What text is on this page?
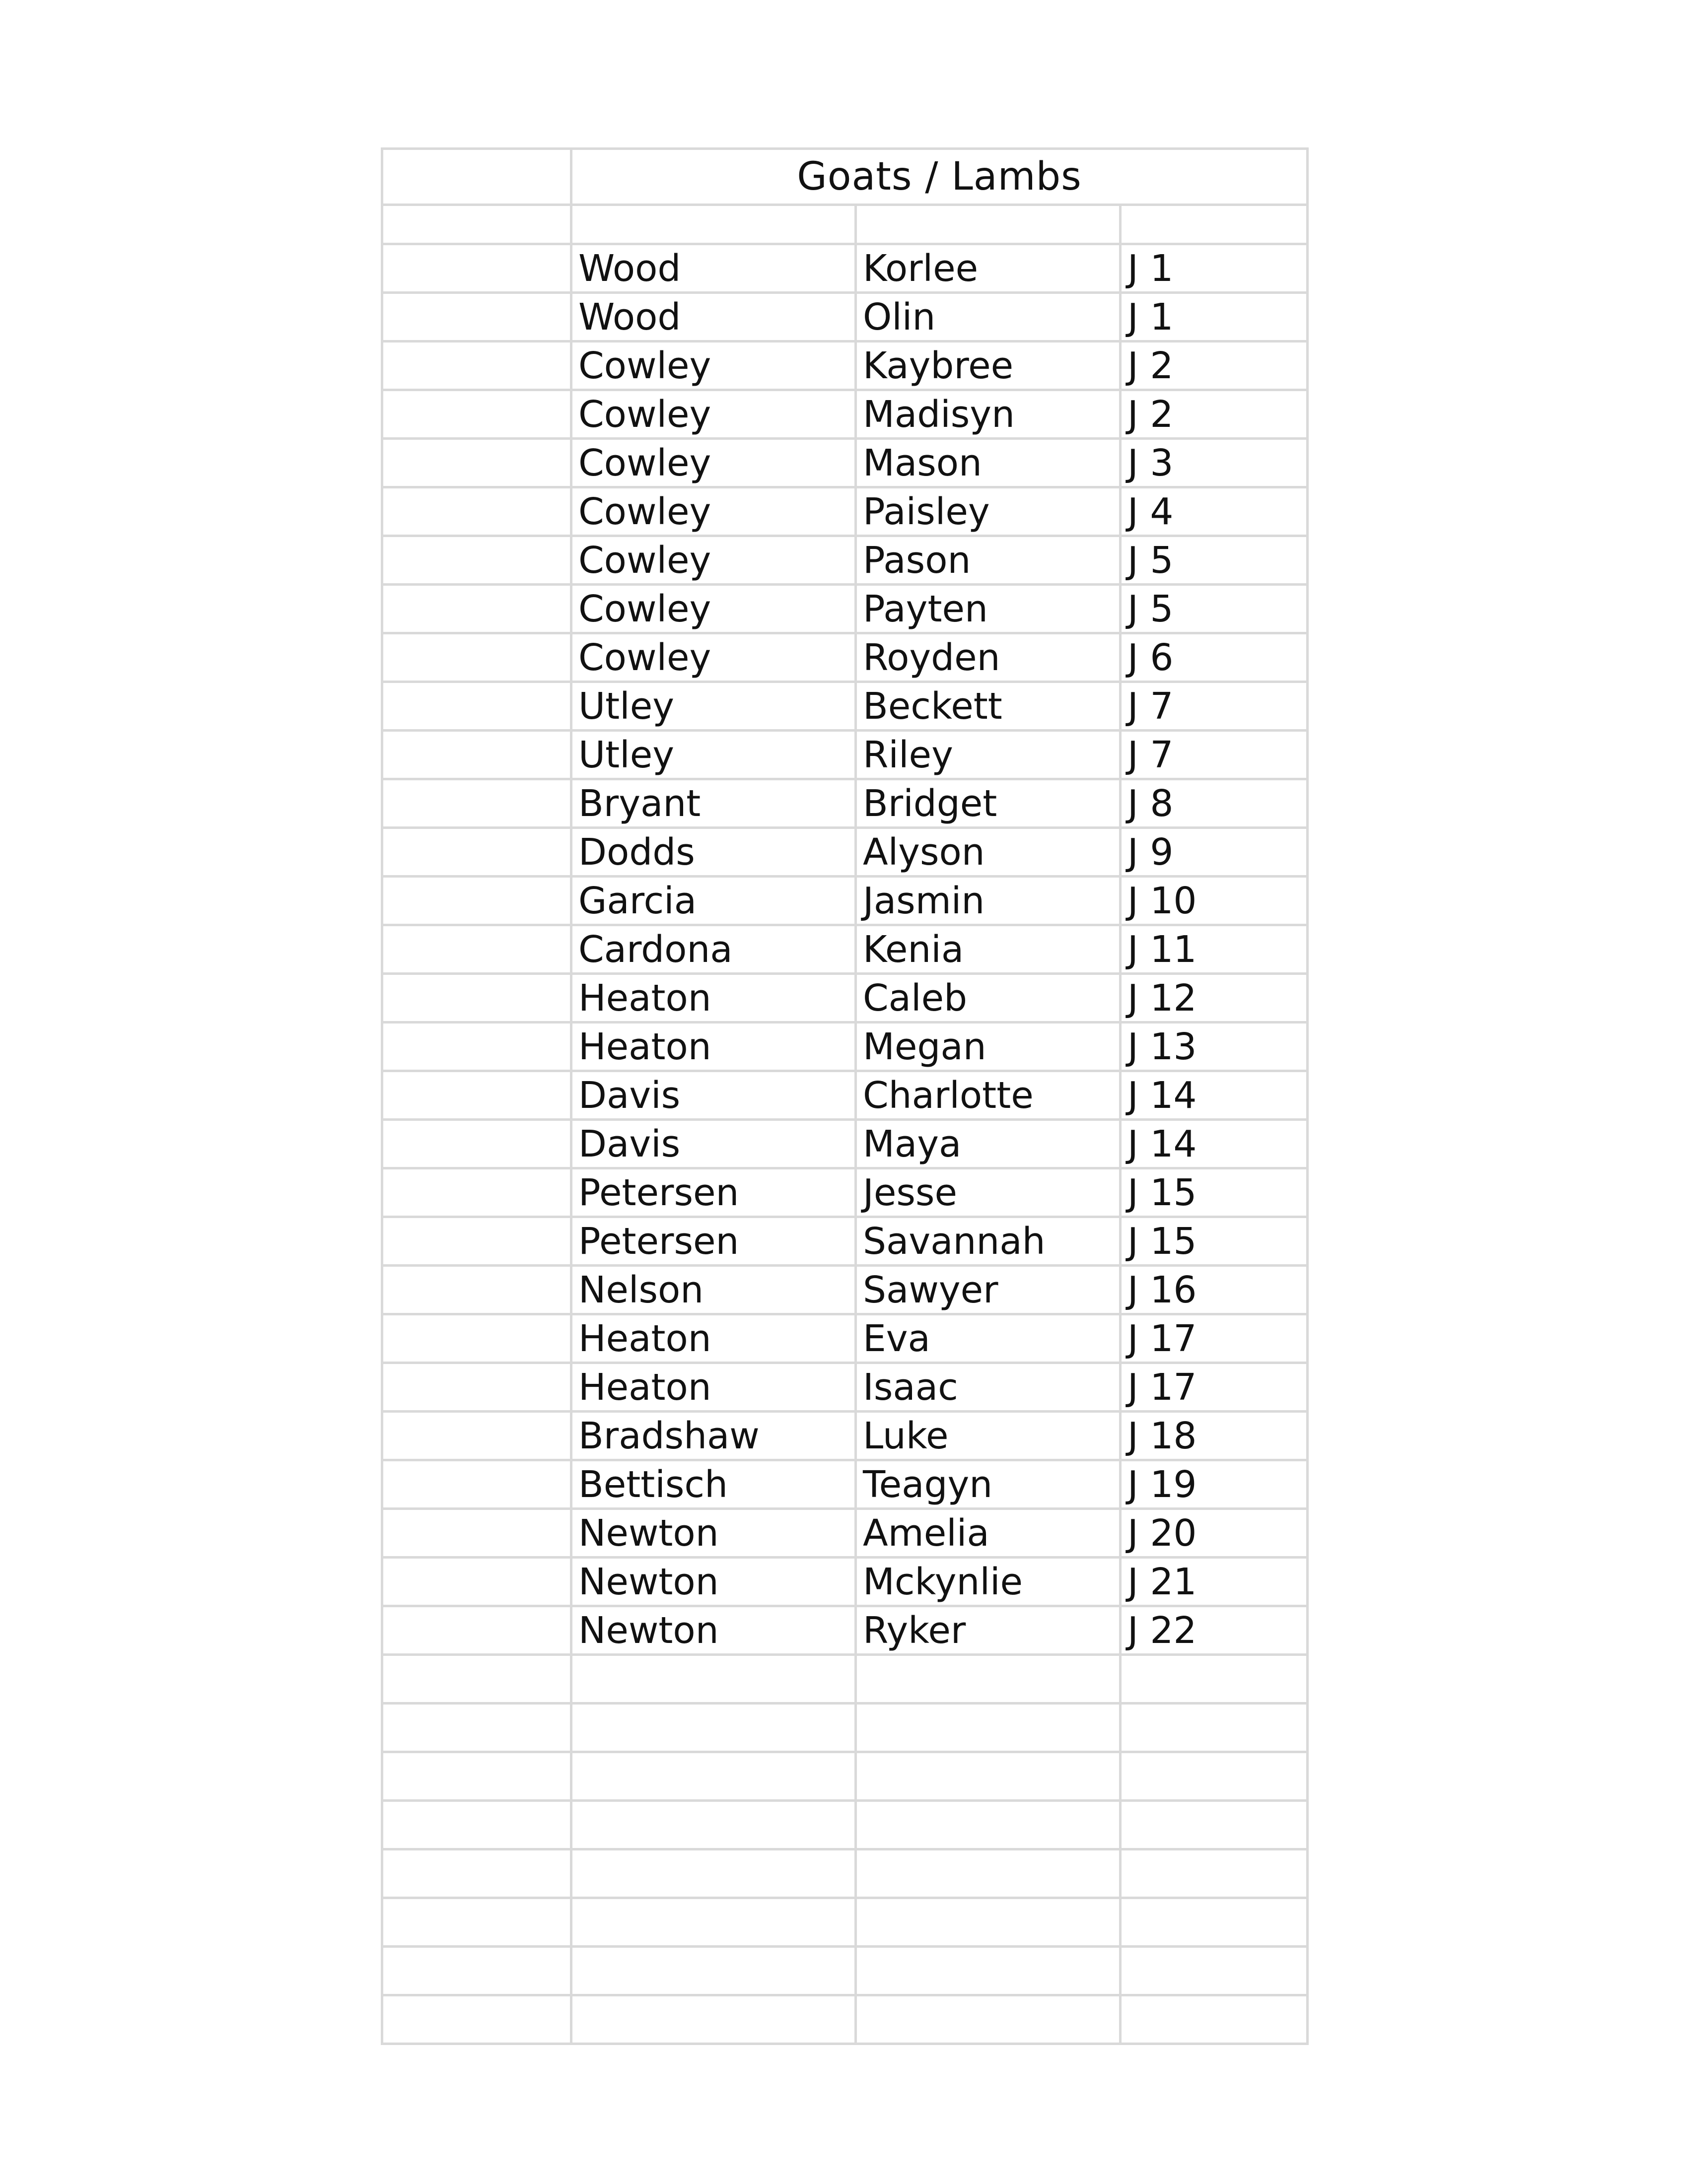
	Goats / Lambs		

	Wood	Korlee	J 1
	Wood	Olin	J 1
	Cowley	Kaybree	J 2
	Cowley	Madisyn	J 2
	Cowley	Mason	J 3
	Cowley	Paisley	J 4
	Cowley	Pason	J 5
	Cowley	Payten	J 5
	Cowley	Royden	J 6
	Utley	Beckett	J 7
	Utley	Riley	J 7
	Bryant	Bridget	J 8
	Dodds	Alyson	J 9
	Garcia	Jasmin	J 10
	Cardona	Kenia	J 11
	Heaton	Caleb	J 12
	Heaton	Megan	J 13
	Davis	Charlotte	J 14
	Davis	Maya	J 14
	Petersen	Jesse	J 15
	Petersen	Savannah	J 15
	Nelson	Sawyer	J 16
	Heaton	Eva	J 17
	Heaton	Isaac	J 17
	Bradshaw	Luke	J 18
	Bettisch	Teagyn	J 19
	Newton	Amelia	J 20
	Newton	Mckynlie	J 21
	Newton	Ryker	J 22
